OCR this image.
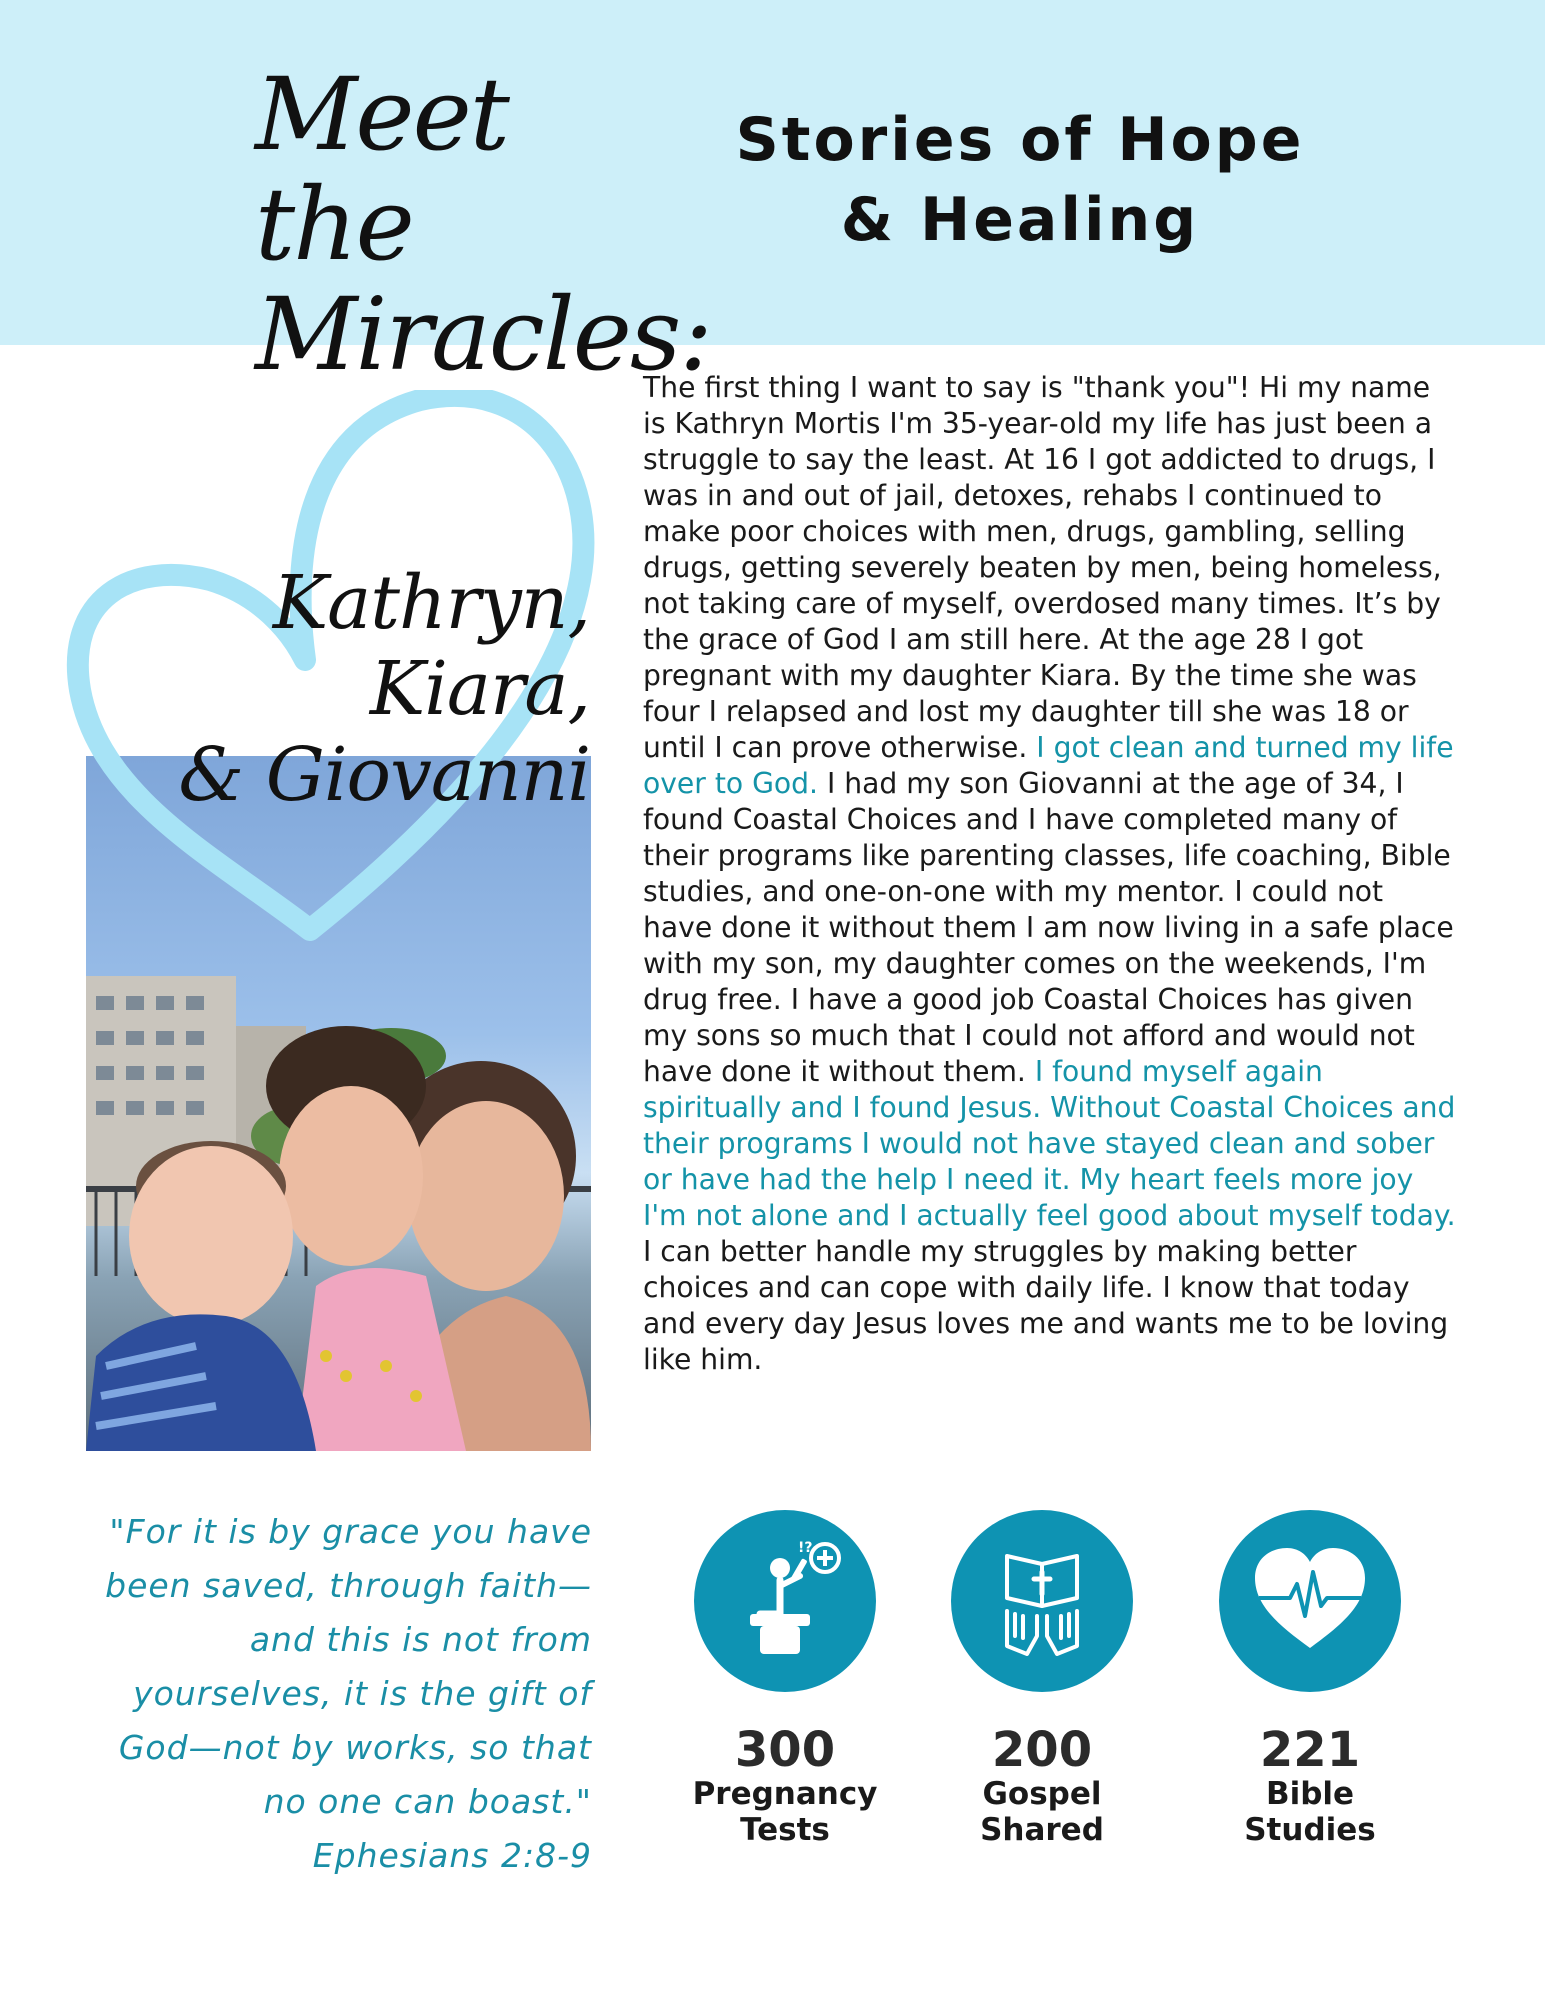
Meet the
Miracles:
Stories of Hope
& Healing
Kathryn,
Kiara,
& Giovanni
The first thing I want to say is "thank you"! Hi my name is Kathryn Mortis I'm 35-year-old my life has just been a struggle to say the least. At 16 I got addicted to drugs, I was in and out of jail, detoxes, rehabs I continued to make poor choices with men, drugs, gambling, selling drugs, getting severely beaten by men, being homeless, not taking care of myself, overdosed many times. It’s by the grace of God I am still here. At the age 28 I got pregnant with my daughter Kiara. By the time she was four I relapsed and lost my daughter till she was 18 or until I can prove otherwise. I got clean and turned my life over to God. I had my son Giovanni at the age of 34, I found Coastal Choices and I have completed many of their programs like parenting classes, life coaching, Bible studies, and one-on-one with my mentor. I could not have done it without them I am now living in a safe place with my son, my daughter comes on the weekends, I'm drug free. I have a good job Coastal Choices has given my sons so much that I could not afford and would not have done it without them. I found myself again spiritually and I found Jesus. Without Coastal Choices and their programs I would not have stayed clean and sober or have had the help I need it. My heart feels more joy I'm not alone and I actually feel good about myself today. I can better handle my struggles by making better choices and can cope with daily life. I know that today and every day Jesus loves me and wants me to be loving like him.
"For it is by grace you have
been saved, through faith—
and this is not from
yourselves, it is the gift of
God—not by works, so that
no one can boast."
Ephesians 2:8-9
!?
300
Pregnancy
Tests
200
Gospel
Shared
221
Bible
Studies
